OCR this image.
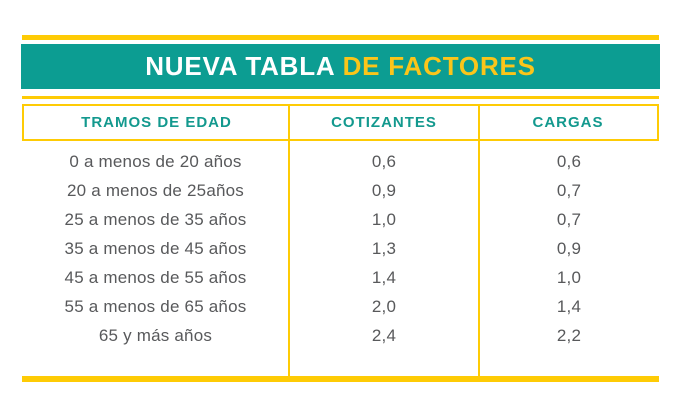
NUEVA TABLA DE FACTORES
TRAMOS DE EDAD	COTIZANTES	CARGAS
0 a menos de 20 años	0,6	0,6
20 a menos de 25años	0,9	0,7
25 a menos de 35 años	1,0	0,7
35 a menos de 45 años	1,3	0,9
45 a menos de 55 años	1,4	1,0
55 a menos de 65 años	2,0	1,4
65 y más años	2,4	2,2
